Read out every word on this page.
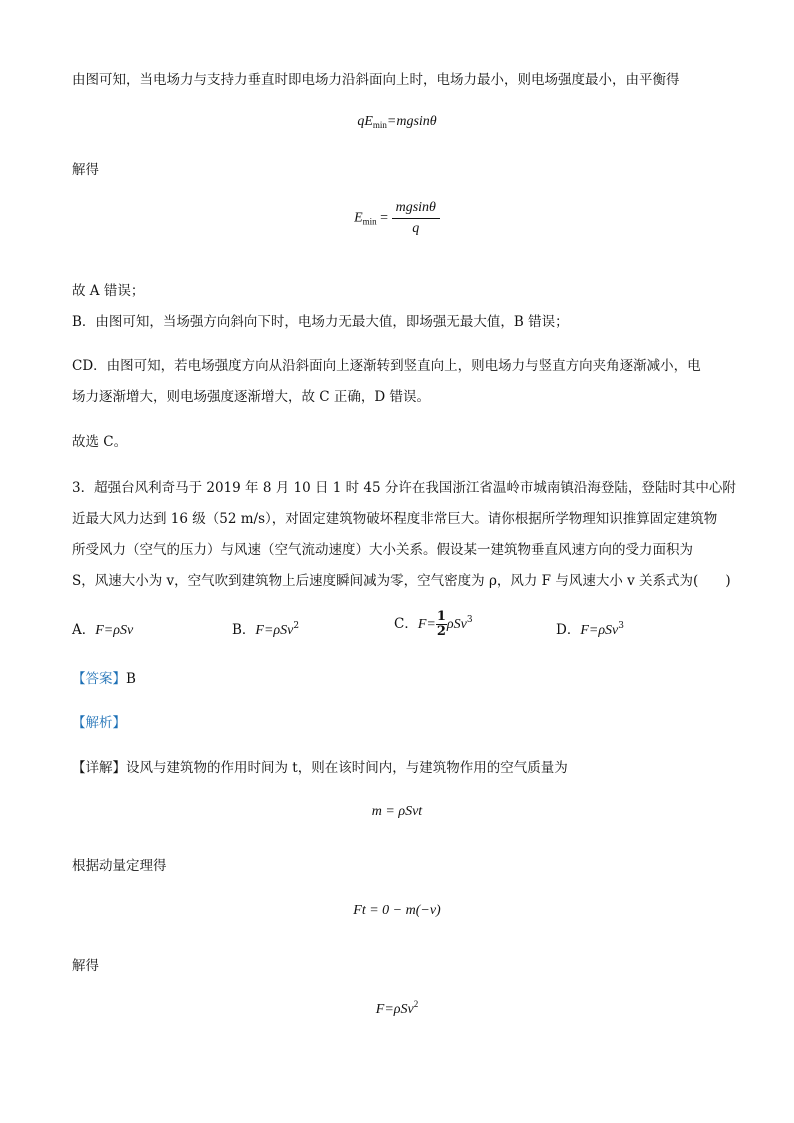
由图可知，当电场力与支持力垂直时即电场力沿斜面向上时，电场力最小，则电场强度最小，由平衡得
$qE_{min}=mgsin\theta$
解得
$E_{min} = \frac{mgsin\theta}{q}$
故 A 错误；
B．由图可知，当场强方向斜向下时，电场力无最大值，即场强无最大值，B 错误；
CD．由图可知，若电场强度方向从沿斜面向上逐渐转到竖直向上，则电场力与竖直方向夹角逐渐减小，电
场力逐渐增大，则电场强度逐渐增大，故 C 正确，D 错误。
故选 C。
3．超强台风利奇马于 2019 年 8 月 10 日 1 时 45 分许在我国浙江省温岭市城南镇沿海登陆，登陆时其中心附
近最大风力达到 16 级（52 m/s），对固定建筑物破坏程度非常巨大。请你根据所学物理知识推算固定建筑物
所受风力（空气的压力）与风速（空气流动速度）大小关系。假设某一建筑物垂直风速方向的受力面积为
S，风速大小为 v，空气吹到建筑物上后速度瞬间减为零，空气密度为 ρ，风力 F 与风速大小 v 关系式为(　　)
A．F=ρSv	B．F=ρSv$^2$	C．$F= \frac{1}{2} \rho Sv^3$
D．F=ρSv$^3$
【答案】B
【解析】
【详解】设风与建筑物的作用时间为 t，则在该时间内，与建筑物作用的空气质量为
m = ρSvt
根据动量定理得
Ft = 0 − m(−v)
解得
F=ρSv$^2$
